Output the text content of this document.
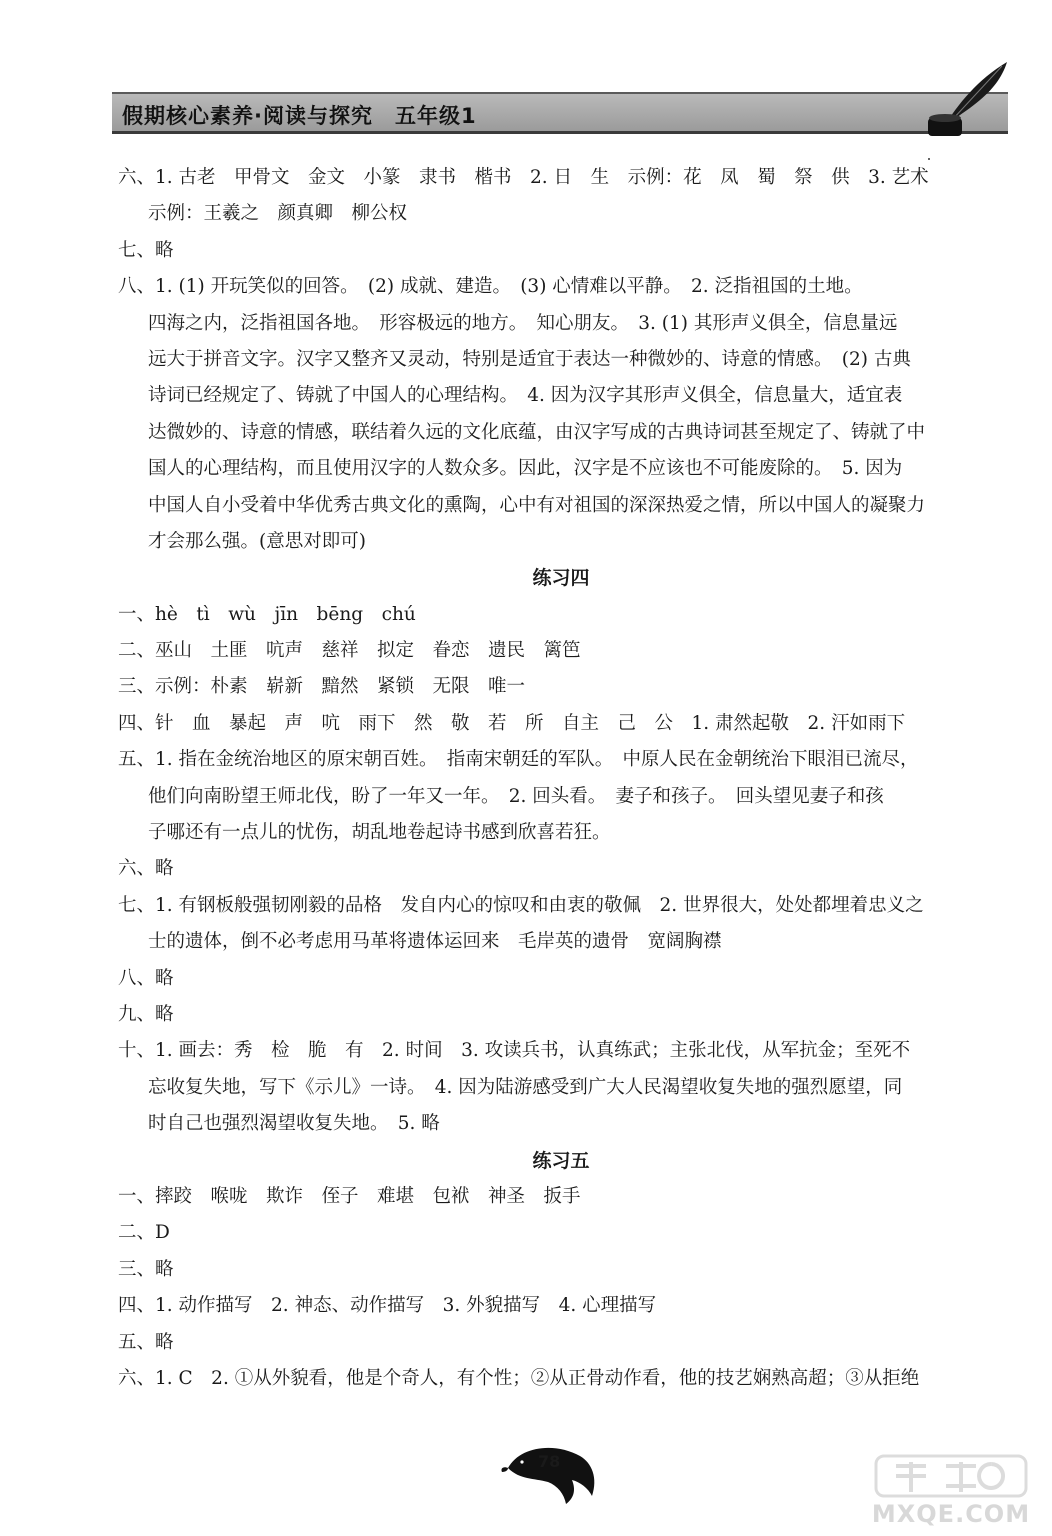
假期核心素养·阅读与探究　五年级1
六、1. 古老　甲骨文　金文　小篆　隶书　楷书　2. 日　生　示例：花　凤　蜀　祭　供　3. 艺术
示例：王羲之　颜真卿　柳公权
七、略
八、1. (1) 开玩笑似的回答。　(2) 成就、建造。　(3) 心情难以平静。　2. 泛指祖国的土地。
四海之内，泛指祖国各地。　形容极远的地方。　知心朋友。　3. (1) 其形声义俱全，信息量远
远大于拼音文字。汉字又整齐又灵动，特别是适宜于表达一种微妙的、诗意的情感。　(2) 古典
诗词已经规定了、铸就了中国人的心理结构。　4. 因为汉字其形声义俱全，信息量大，适宜表
达微妙的、诗意的情感，联结着久远的文化底蕴，由汉字写成的古典诗词甚至规定了、铸就了中
国人的心理结构，而且使用汉字的人数众多。因此，汉字是不应该也不可能废除的。　5. 因为
中国人自小受着中华优秀古典文化的熏陶，心中有对祖国的深深热爱之情，所以中国人的凝聚力
才会那么强。(意思对即可)
练习四
一、hè　tì　wù　jīn　bēng　chú
二、巫山　土匪　吭声　慈祥　拟定　眷恋　遗民　篱笆
三、示例：朴素　崭新　黯然　紧锁　无限　唯一
四、针　血　暴起　声　吭　雨下　然　敬　若　所　自主　己　公　1. 肃然起敬　2. 汗如雨下
五、1. 指在金统治地区的原宋朝百姓。　指南宋朝廷的军队。　中原人民在金朝统治下眼泪已流尽，
他们向南盼望王师北伐，盼了一年又一年。　2. 回头看。　妻子和孩子。　回头望见妻子和孩
子哪还有一点儿的忧伤，胡乱地卷起诗书感到欣喜若狂。
六、略
七、1. 有钢板般强韧刚毅的品格　发自内心的惊叹和由衷的敬佩　2. 世界很大，处处都埋着忠义之
士的遗体，倒不必考虑用马革将遗体运回来　毛岸英的遗骨　宽阔胸襟
八、略
九、略
十、1. 画去：秀　检　脆　有　2. 时间　3. 攻读兵书，认真练武；主张北伐，从军抗金；至死不
忘收复失地，写下《示儿》一诗。　4. 因为陆游感受到广大人民渴望收复失地的强烈愿望，同
时自己也强烈渴望收复失地。　5. 略
练习五
一、摔跤　喉咙　欺诈　侄子　难堪　包袱　神圣　扳手
二、D
三、略
四、1. 动作描写　2. 神态、动作描写　3. 外貌描写　4. 心理描写
五、略
六、1. C　2. ①从外貌看，他是个奇人，有个性；②从正骨动作看，他的技艺娴熟高超；③从拒绝
78
MXQE.COM
